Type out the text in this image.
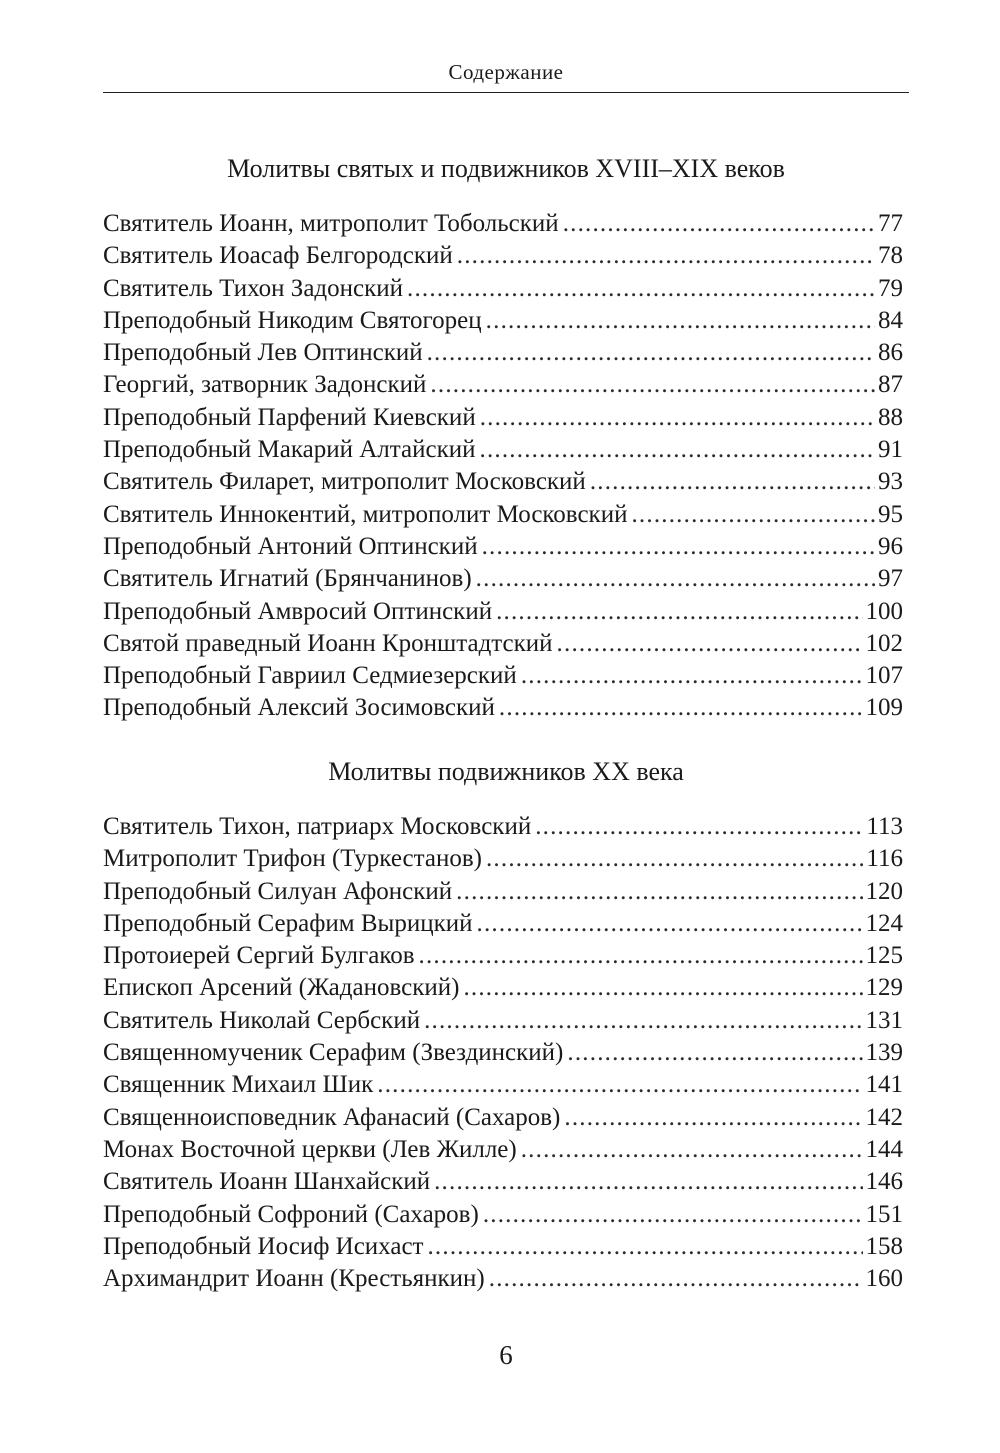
Содержание
Молитвы святых и подвижников XVIII–XIX веков
Святитель Иоанн, митрополит Тобольский .....	77
Святитель Иоасаф Белгородский .....	78
Святитель Тихон Задонский .....	79
Преподобный Никодим Святогорец .....	84
Преподобный Лев Оптинский .....	86
Георгий, затворник Задонский .....	87
Преподобный Парфений Киевский .....	88
Преподобный Макарий Алтайский .....	91
Святитель Филарет, митрополит Московский .....	93
Святитель Иннокентий, митрополит Московский .....	95
Преподобный Антоний Оптинский .....	96
Святитель Игнатий (Брянчанинов) .....	97
Преподобный Амвросий Оптинский .....	100
Святой праведный Иоанн Кронштадтский .....	102
Преподобный Гавриил Седмиезерский .....	107
Преподобный Алексий Зосимовский .....	109
Молитвы подвижников XX века
Святитель Тихон, патриарх Московский .....	113
Митрополит Трифон (Туркестанов) .....	116
Преподобный Силуан Афонский .....	120
Преподобный Серафим Вырицкий .....	124
Протоиерей Сергий Булгаков .....	125
Епископ Арсений (Жадановский) .....	129
Святитель Николай Сербский .....	131
Священномученик Серафим (Звездинский) .....	139
Священник Михаил Шик .....	141
Священноисповедник Афанасий (Сахаров) .....	142
Монах Восточной церкви (Лев Жилле) .....	144
Святитель Иоанн Шанхайский .....	146
Преподобный Софроний (Сахаров) .....	151
Преподобный Иосиф Исихаст .....	158
Архимандрит Иоанн (Крестьянкин) .....	160
6
